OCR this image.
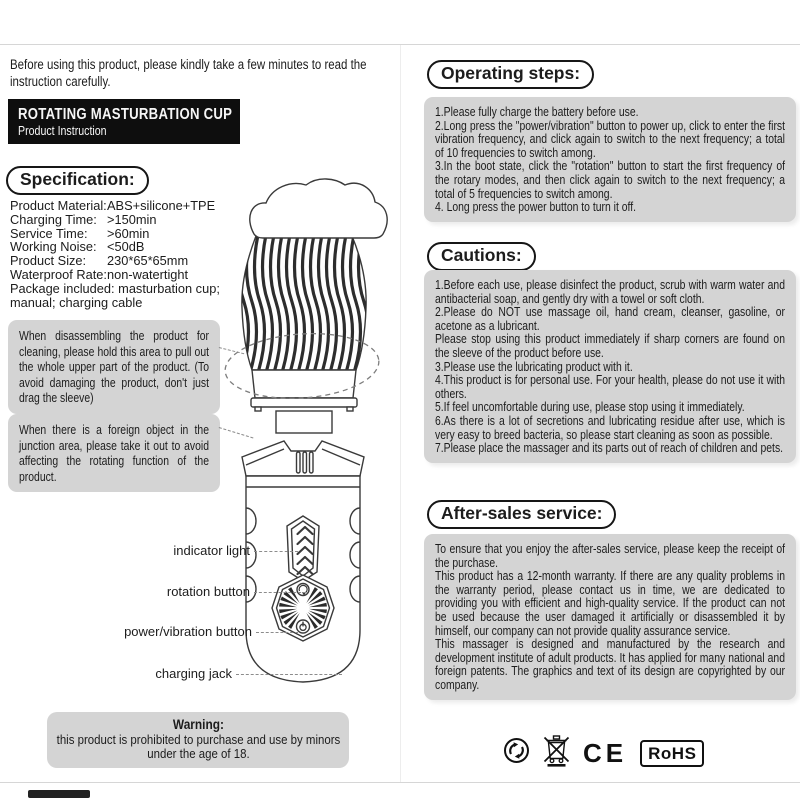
Before using this product, please kindly take a few minutes to read the instruction carefully.
ROTATING MASTURBATION CUP
Product Instruction
Specification:
Product Material: ABS+silicone+TPE
Charging Time: >150min
Service Time:	>60min
Working Noise: <50dB
Product Size:	230*65*65mm
Waterproof Rate: non-watertight
Package included: masturbation cup; manual; charging cable
When disassembling the product for cleaning, please hold this area to pull out the whole upper part of the product. (To avoid damaging the product, don't just drag the sleeve)
When there is a foreign object in the junction area, please take it out to avoid affecting the rotating function of the product.
indicator light
rotation button
power/vibration button
charging jack
Warning:
this product is prohibited to purchase and use by minors under the age of 18.
Operating steps:

1.Please fully charge the battery before use.

2.Long press the "power/vibration" button to power up, click to enter the first vibration frequency, and click again to switch to the next frequency; a total of 10 frequencies to switch among.

3.In the boot state, click the "rotation" button to start the first frequency of the rotary modes, and then click again to switch to the next frequency; a total of 5 frequencies to switch among.

4. Long press the power button to turn it off.

Cautions:

1.Before each use, please disinfect the product, scrub with warm water and antibacterial soap, and gently dry with a towel or soft cloth.

2.Please do NOT use massage oil, hand cream, cleanser, gasoline, or acetone as a lubricant.

Please stop using this product immediately if sharp corners are found on the sleeve of the product before use.

3.Please use the lubricating product with it.

4.This product is for personal use. For your health, please do not use it with others.

5.If feel uncomfortable during use, please stop using it immediately.

6.As there is a lot of secretions and lubricating residue after use, which is very easy to breed bacteria, so please start cleaning as soon as possible.

7.Please place the massager and its parts out of reach of children and pets.

After-sales service:

To ensure that you enjoy the after-sales service, please keep the receipt of the purchase.

This product has a 12-month warranty. If there are any quality problems in the warranty period, please contact us in time, we are dedicated to providing you with efficient and high-quality service. If the product can not be used because the user damaged it artificially or disassembled it by himself, our company can not provide quality assurance service.

This massager is designed and manufactured by the research and development institute of adult products. It has applied for many national and foreign patents. The graphics and text of its design are copyrighted by our company.

CE	RoHS
